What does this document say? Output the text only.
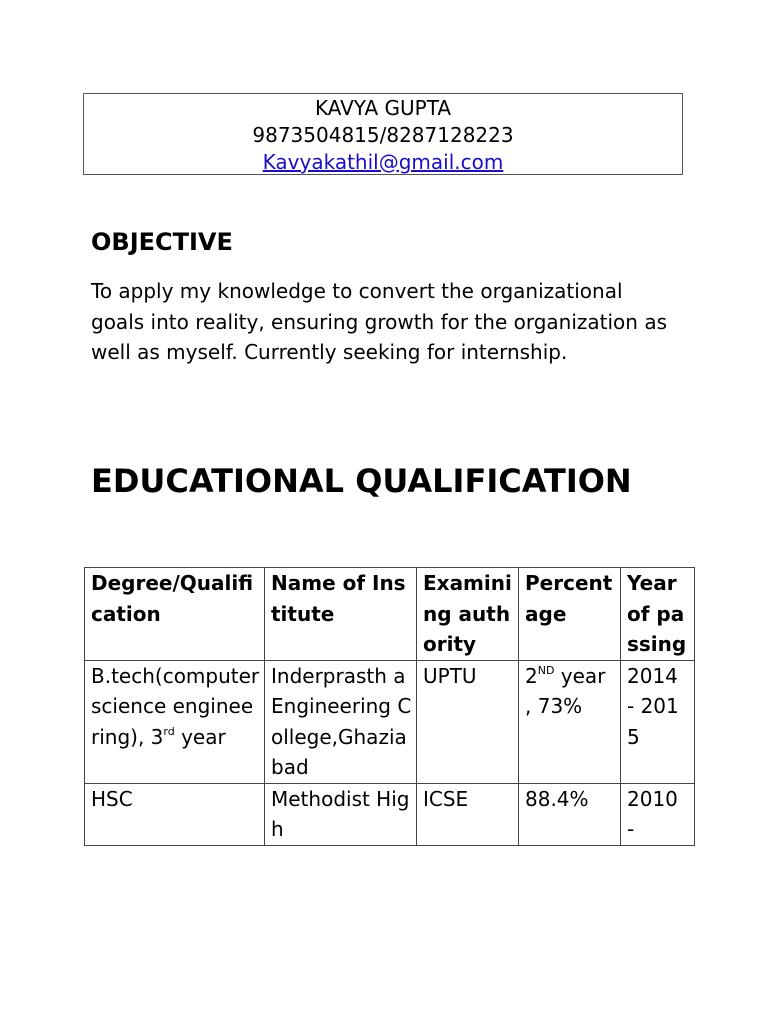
KAVYA GUPTA
9873504815/8287128223
Kavyakathil@gmail.com
OBJECTIVE

To apply my knowledge to convert the organizational goals into reality, ensuring growth for the organization as well as myself. Currently seeking for internship.

EDUCATIONAL QUALIFICATION
Degree/Qualification	Name of Institute	Examining authority	Percentage	Year of passing
B.tech(computer science engineering), 3rd year	Inderprasth a Engineering College,Ghaziabad	UPTU	2ND year , 73%	2014 - 2015
HSC	Methodist High	ICSE	88.4%	2010 -
